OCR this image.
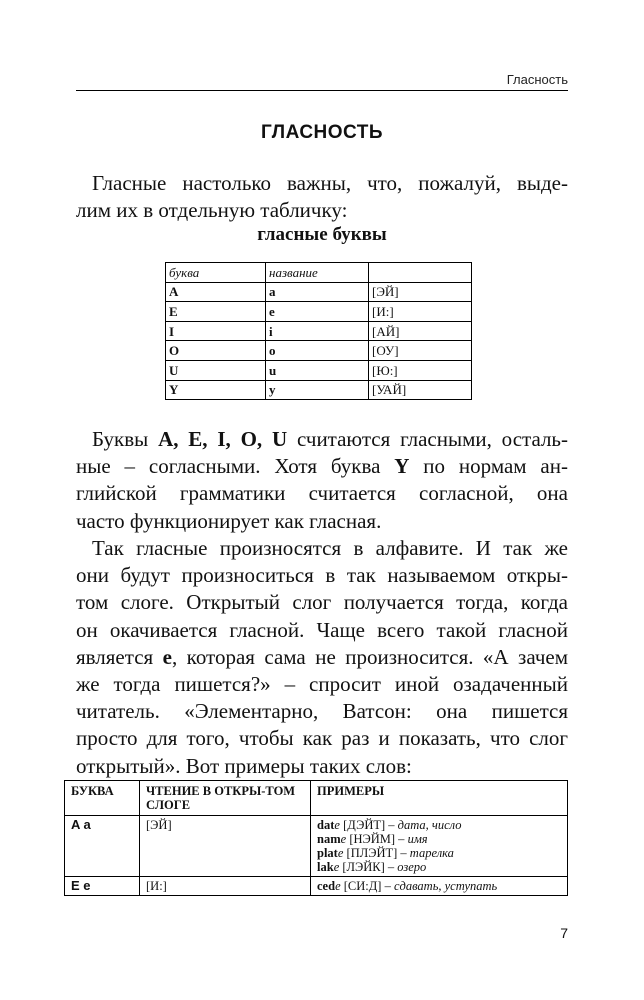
Гласность
ГЛАСНОСТЬ

Гласные настолько важны, что, пожалуй, выде-
лим их в отдельную табличку:

гласные буквы
буква	название	
A	a	[ЭЙ]
E	e	[И:]
I	i	[АЙ]
O	o	[ОУ]
U	u	[Ю:]
Y	y	[УАЙ]

Буквы A, E, I, O, U считаются гласными, осталь-
ные – согласными. Хотя буква Y по нормам ан-
глийской грамматики считается согласной, она
часто функционирует как гласная.

Так гласные произносятся в алфавите. И так же
они будут произноситься в так называемом откры-
том слоге. Открытый слог получается тогда, когда
он окачивается гласной. Чаще всего такой гласной
является e, которая сама не произносится. «А зачем
же тогда пишется?» – спросит иной озадаченный
читатель. «Элементарно, Ватсон: она пишется
просто для того, чтобы как раз и показать, что слог
открытый». Вот примеры таких слов:

БУКВА	ЧТЕНИЕ В ОТКРЫ-ТОМ СЛОГЕ	ПРИМЕРЫ
A a	[ЭЙ]	date [ДЭЙТ] – дата, число
name [НЭЙМ] – имя
plate [ПЛЭЙТ] – тарелка
lake [ЛЭЙК] – озеро

E e	[И:]	cede [СИ:Д] – сдавать, уступать
7
